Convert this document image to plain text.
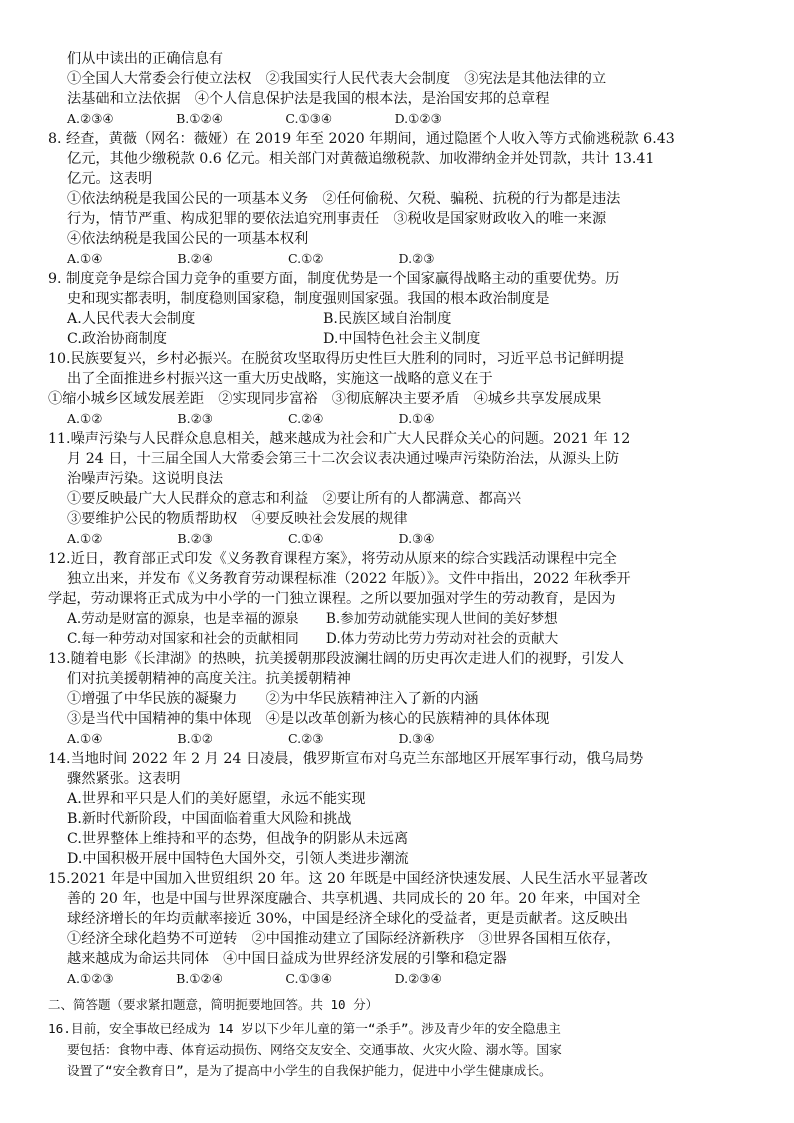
们从中读出的正确信息有
①全国人大常委会行使立法权　②我国实行人民代表大会制度　③宪法是其他法律的立
法基础和立法依据　④个人信息保护法是我国的根本法，是治国安邦的总章程
A.②③④　　　　　B.①②④　　　　　C.①③④　　　　　D.①②③
8. 经查，黄薇（网名：薇娅）在 2019 年至 2020 年期间，通过隐匿个人收入等方式偷逃税款 6.43
亿元，其他少缴税款 0.6 亿元。相关部门对黄薇追缴税款、加收滞纳金并处罚款，共计 13.41
亿元。这表明
①依法纳税是我国公民的一项基本义务　②任何偷税、欠税、骗税、抗税的行为都是违法
行为，情节严重、构成犯罪的要依法追究刑事责任　③税收是国家财政收入的唯一来源
④依法纳税是我国公民的一项基本权利
A.①④　　　　　　B.②④　　　　　　C.①②　　　　　　D.②③
9. 制度竞争是综合国力竞争的重要方面，制度优势是一个国家赢得战略主动的重要优势。历
史和现实都表明，制度稳则国家稳，制度强则国家强。我国的根本政治制度是
A.人民代表大会制度　　　　　　　　　B.民族区域自治制度
C.政治协商制度　　　　　　　　　　　D.中国特色社会主义制度
10.民族要复兴，乡村必振兴。在脱贫攻坚取得历史性巨大胜利的同时，习近平总书记鲜明提
出了全面推进乡村振兴这一重大历史战略，实施这一战略的意义在于
①缩小城乡区域发展差距　②实现同步富裕　③彻底解决主要矛盾　④城乡共享发展成果
A.①②　　　　　　B.②③　　　　　　C.②④　　　　　　D.①④
11.噪声污染与人民群众息息相关，越来越成为社会和广大人民群众关心的问题。2021 年 12
月 24 日，十三届全国人大常委会第三十二次会议表决通过噪声污染防治法，从源头上防
治噪声污染。这说明良法
①要反映最广大人民群众的意志和利益　②要让所有的人都满意、都高兴
③要维护公民的物质帮助权　④要反映社会发展的规律
A.①②　　　　　　B.②③　　　　　　C.①④　　　　　　D.③④
12.近日，教育部正式印发《义务教育课程方案》，将劳动从原来的综合实践活动课程中完全
独立出来，并发布《义务教育劳动课程标准（2022 年版）》。文件中指出，2022 年秋季开
学起，劳动课将正式成为中小学的一门独立课程。之所以要加强对学生的劳动教育，是因为
A.劳动是财富的源泉，也是幸福的源泉　　B.参加劳动就能实现人世间的美好梦想
C.每一种劳动对国家和社会的贡献相同　　D.体力劳动比劳力劳动对社会的贡献大
13.随着电影《长津湖》的热映，抗美援朝那段波澜壮阔的历史再次走进人们的视野，引发人
们对抗美援朝精神的高度关注。抗美援朝精神
①增强了中华民族的凝聚力　　②为中华民族精神注入了新的内涵
③是当代中国精神的集中体现　④是以改革创新为核心的民族精神的具体体现
A.①④　　　　　　B.①②　　　　　　C.②③　　　　　　D.③④
14.当地时间 2022 年 2 月 24 日凌晨，俄罗斯宣布对乌克兰东部地区开展军事行动，俄乌局势
骤然紧张。这表明
A.世界和平只是人们的美好愿望，永远不能实现
B.新时代新阶段，中国面临着重大风险和挑战
C.世界整体上维持和平的态势，但战争的阴影从未远离
D.中国积极开展中国特色大国外交，引领人类进步潮流
15.2021 年是中国加入世贸组织 20 年。这 20 年既是中国经济快速发展、人民生活水平显著改
善的 20 年，也是中国与世界深度融合、共享机遇、共同成长的 20 年。20 年来，中国对全
球经济增长的年均贡献率接近 30%，中国是经济全球化的受益者，更是贡献者。这反映出
①经济全球化趋势不可逆转　②中国推动建立了国际经济新秩序　③世界各国相互依存，
越来越成为命运共同体　④中国日益成为世界经济发展的引擎和稳定器
A.①②③　　　　　B.①②④　　　　　C.①③④　　　　　D.②③④
二、简答题（要求紧扣题意，简明扼要地回答。共 10 分）
16.目前，安全事故已经成为 14 岁以下少年儿童的第一“杀手”。涉及青少年的安全隐患主
要包括：食物中毒、体育运动损伤、网络交友安全、交通事故、火灾火险、溺水等。国家
设置了“安全教育日”，是为了提高中小学生的自我保护能力，促进中小学生健康成长。
